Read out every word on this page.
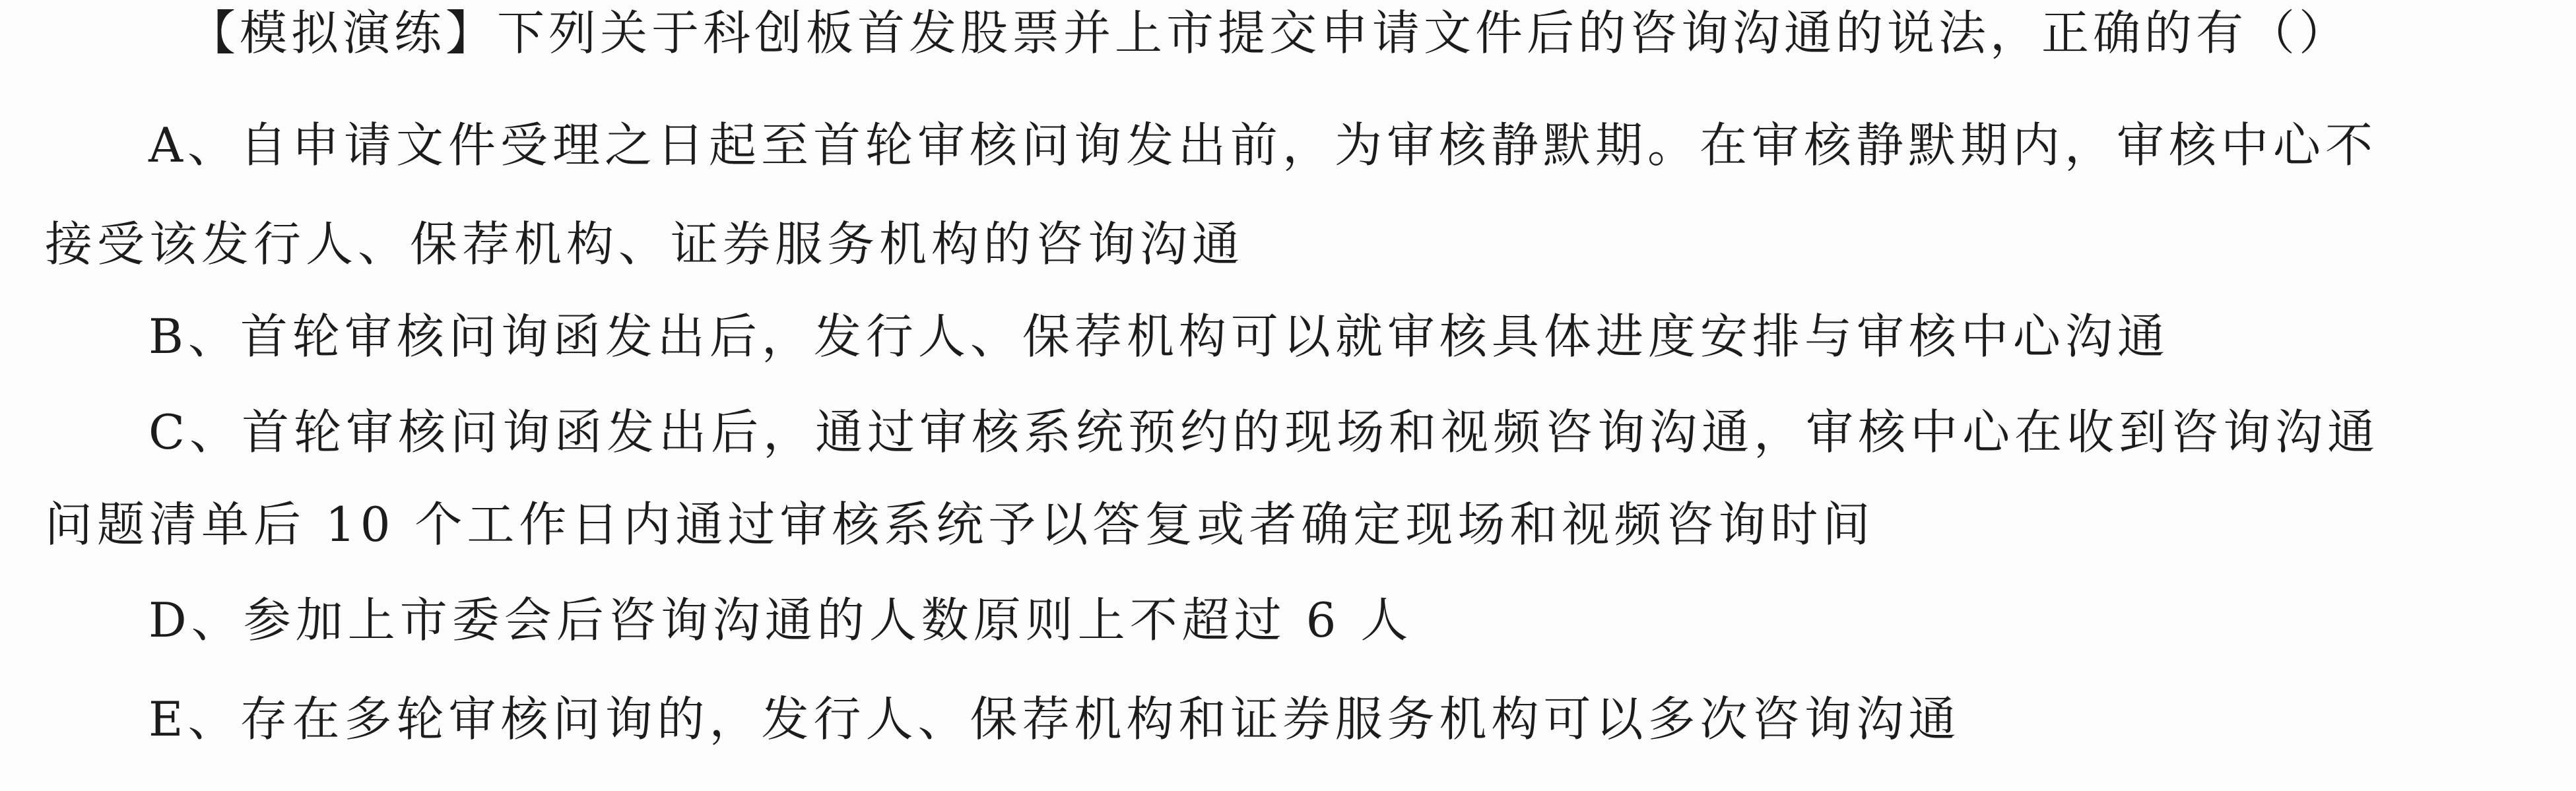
【模拟演练】下列关于科创板首发股票并上市提交申请文件后的咨询沟通的说法，正确的有（）
A、自申请文件受理之日起至首轮审核问询发出前，为审核静默期。在审核静默期内，审核中心不
接受该发行人、保荐机构、证券服务机构的咨询沟通
B、首轮审核问询函发出后，发行人、保荐机构可以就审核具体进度安排与审核中心沟通
C、首轮审核问询函发出后，通过审核系统预约的现场和视频咨询沟通，审核中心在收到咨询沟通
问题清单后 10 个工作日内通过审核系统予以答复或者确定现场和视频咨询时间
D、参加上市委会后咨询沟通的人数原则上不超过 6 人
E、存在多轮审核问询的，发行人、保荐机构和证券服务机构可以多次咨询沟通
